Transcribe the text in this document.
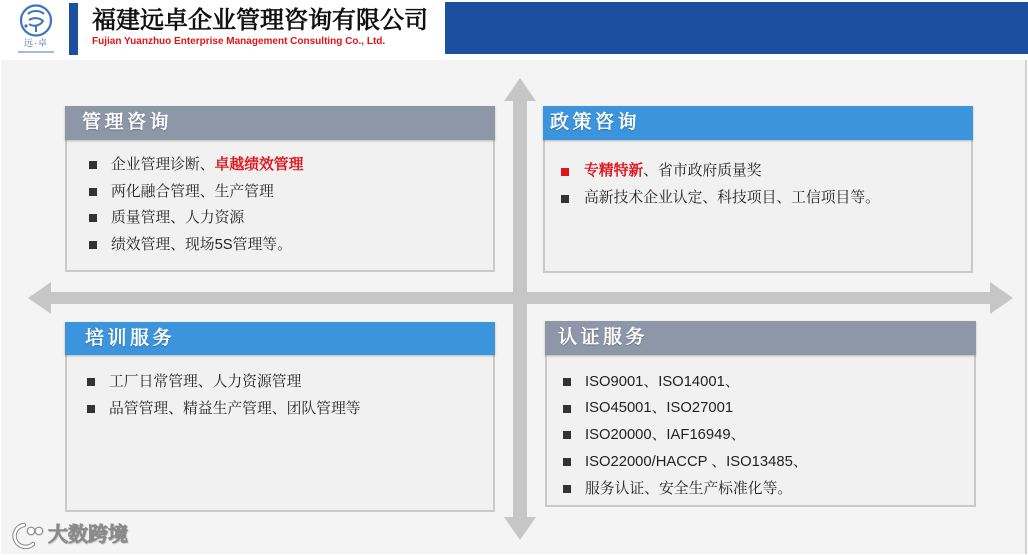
远·卓
福建远卓企业管理咨询有限公司
Fujian Yuanzhuo Enterprise Management Consulting Co., Ltd.
管理咨询
企业管理诊断、卓越绩效管理
两化融合管理、生产管理
质量管理、人力资源
绩效管理、现场5S管理等。
政策咨询
专精特新、省市政府质量奖
高新技术企业认定、科技项目、工信项目等。
培训服务
工厂日常管理、人力资源管理
品管管理、精益生产管理、团队管理等
认证服务
ISO9001、ISO14001、
ISO45001、ISO27001
ISO20000、IAF16949、
ISO22000/HACCP 、ISO13485、
服务认证、安全生产标准化等。
大数跨境
